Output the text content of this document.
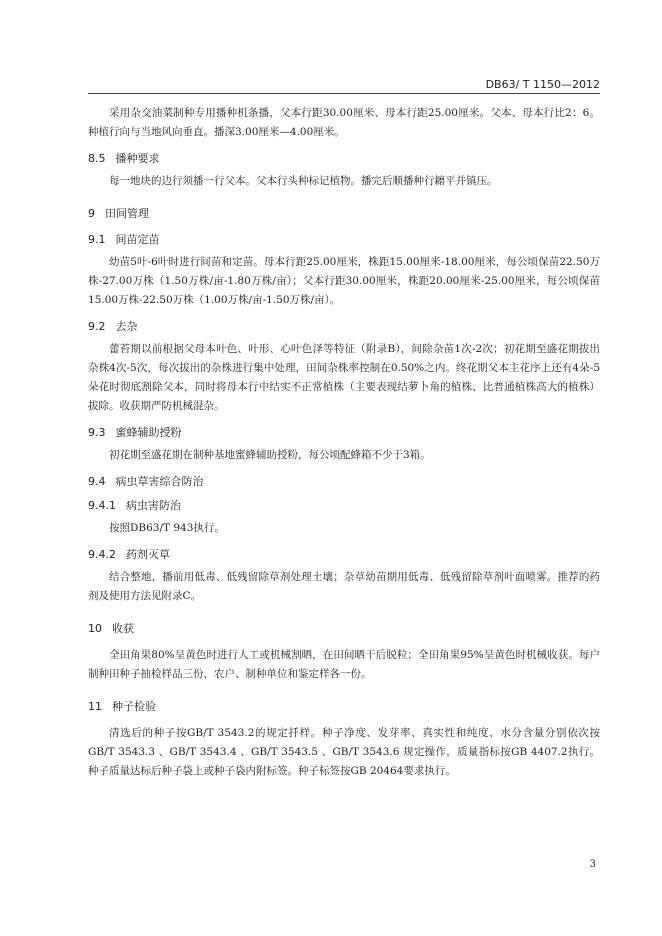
DB63/ T 1150—2012

采用杂交油菜制种专用播种机条播，父本行距30.00厘米、母本行距25.00厘米。父本、母本行比2：6。种植行向与当地风向垂直。播深3.00厘米—4.00厘米。

8.5 播种要求

每一地块的边行须播一行父本。父本行头种标记植物。播完后顺播种行耱平并镇压。

9 田间管理
9.1 间苗定苗

幼苗5叶-6叶时进行间苗和定苗。母本行距25.00厘米，株距15.00厘米-18.00厘米，每公顷保苗22.50万株-27.00万株（1.50万株/亩-1.80万株/亩）；父本行距30.00厘米，株距20.00厘米-25.00厘米，每公顷保苗15.00万株-22.50万株（1.00万株/亩-1.50万株/亩）。

9.2 去杂

蕾苔期以前根据父母本叶色、叶形、心叶色泽等特征（附录B），间除杂苗1次-2次；初花期至盛花期拔出杂株4次-5次，每次拔出的杂株进行集中处理，田间杂株率控制在0.50%之内。终花期父本主花序上还有4朵-5朵花时彻底割除父本，同时将母本行中结实不正常植株（主要表现结萝卜角的植株、比普通植株高大的植株）拔除。收获期严防机械混杂。

9.3 蜜蜂辅助授粉

初花期至盛花期在制种基地蜜蜂辅助授粉，每公顷配蜂箱不少于3箱。

9.4 病虫草害综合防治
9.4.1 病虫害防治

按照DB63/T 943执行。

9.4.2 药剂灭草

结合整地，播前用低毒、低残留除草剂处理土壤；杂草幼苗期用低毒、低残留除草剂叶面喷雾。推荐的药剂及使用方法见附录C。

10 收获

全田角果80%呈黄色时进行人工或机械割晒，在田间晒干后脱粒；全田角果95%呈黄色时机械收获。每户制种田种子抽检样品三份，农户、制种单位和鉴定样各一份。

11 种子检验

清选后的种子按GB/T 3543.2的规定扦样。种子净度、发芽率、真实性和纯度、水分含量分别依次按GB/T 3543.3 、GB/T 3543.4 、GB/T 3543.5 、GB/T 3543.6 规定操作，质量指标按GB 4407.2执行。种子质量达标后种子袋上或种子袋内附标签。种子标签按GB 20464要求执行。

3
